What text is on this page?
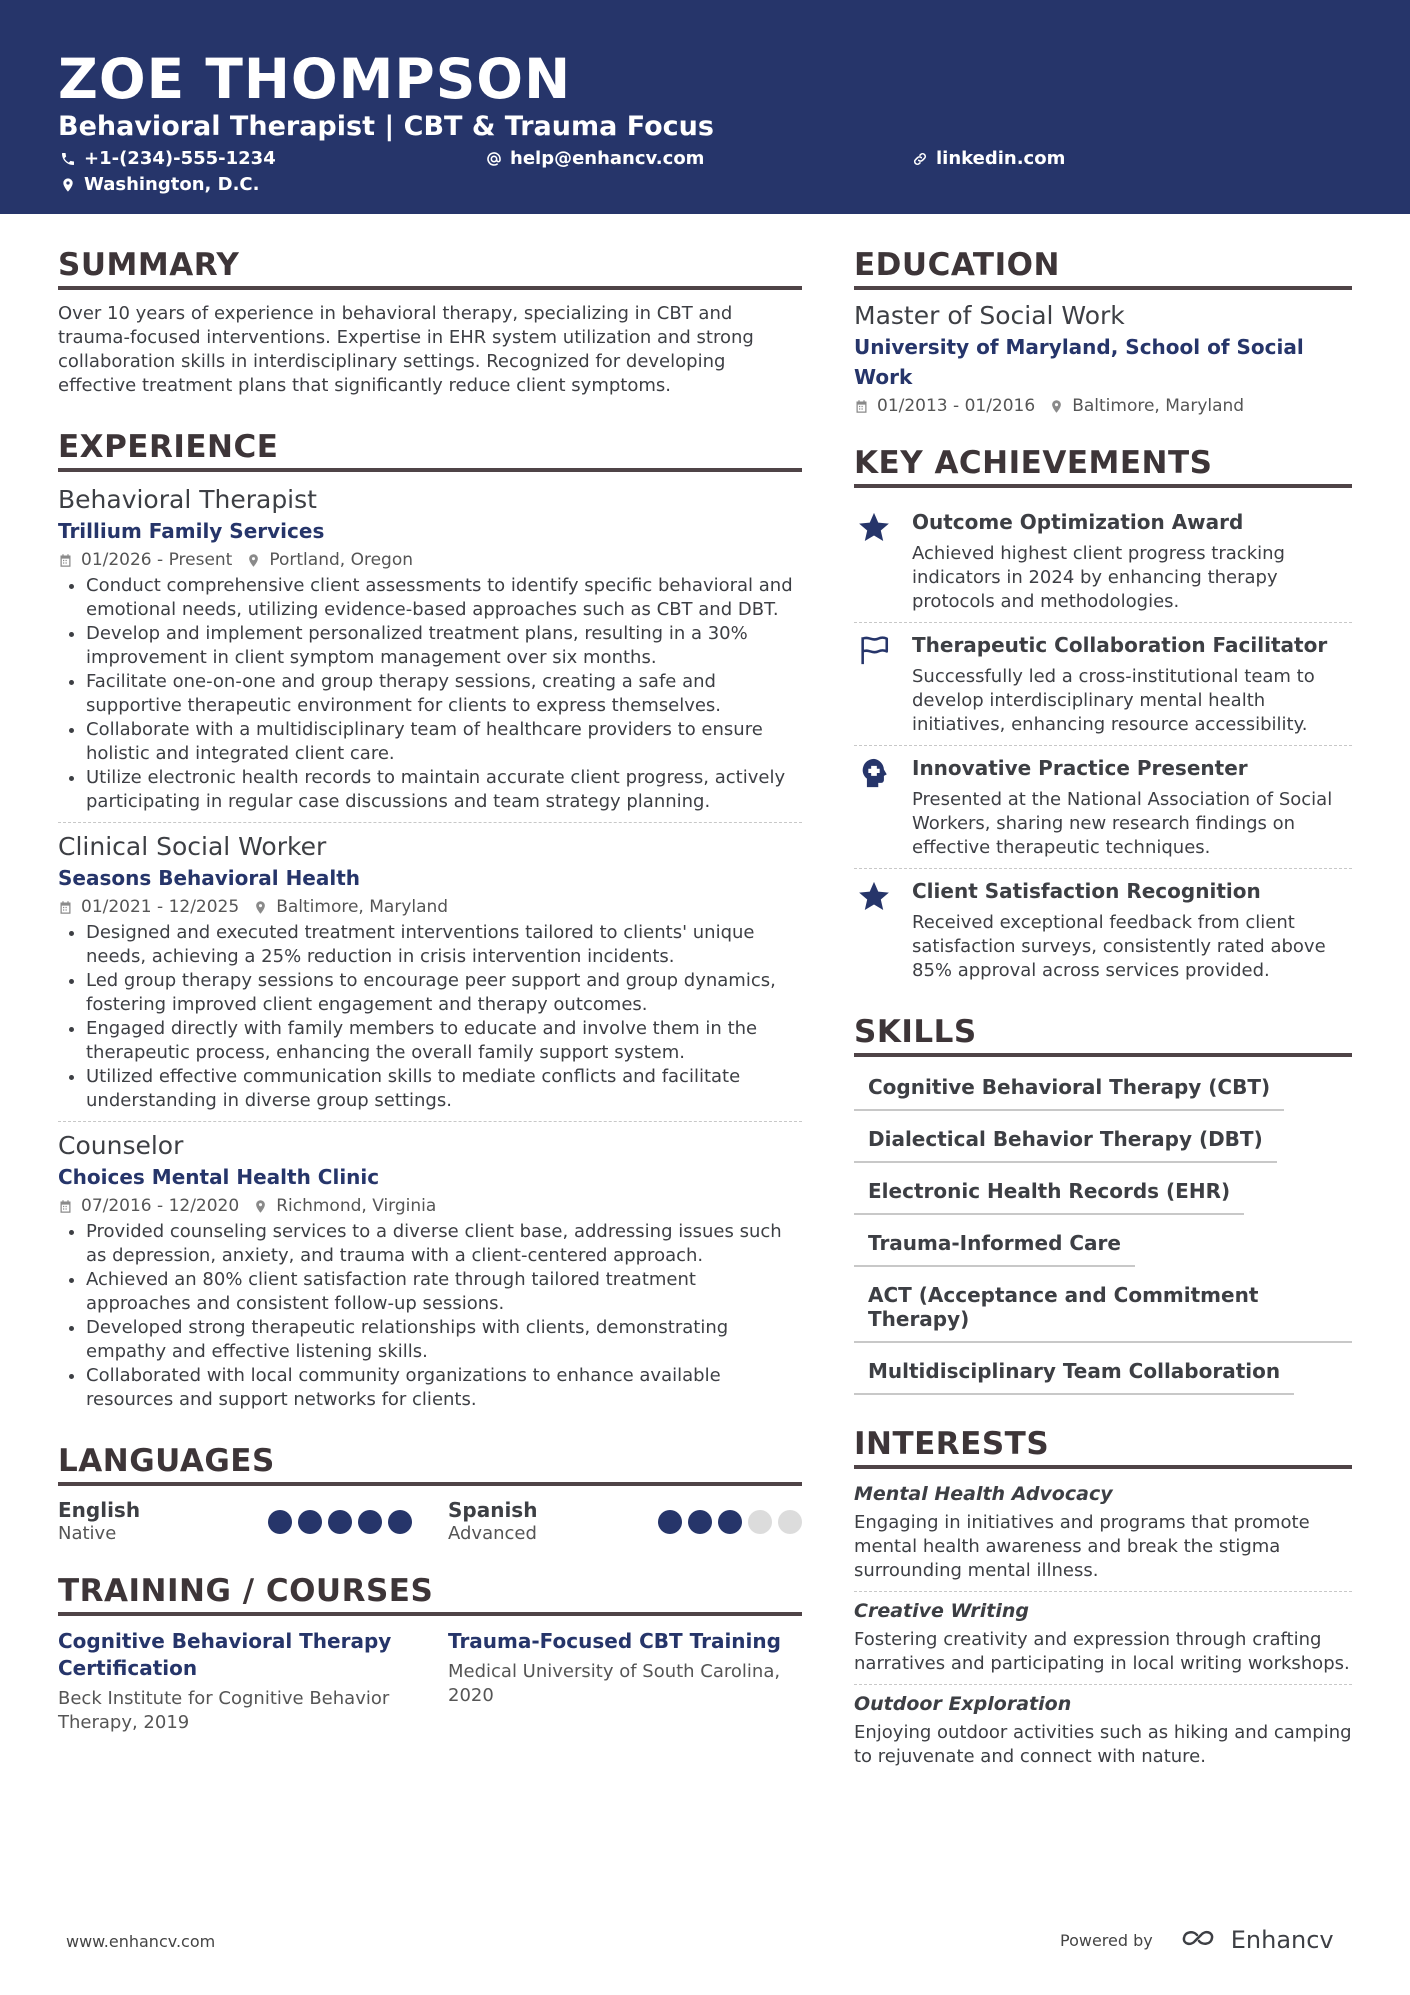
ZOE THOMPSON
Behavioral Therapist | CBT & Trauma Focus
+1-(234)-555-1234	help@enhancv.com	linkedin.com
Washington, D.C.
SUMMARY

Over 10 years of experience in behavioral therapy, specializing in CBT and trauma-focused interventions. Expertise in EHR system utilization and strong collaboration skills in interdisciplinary settings. Recognized for developing effective treatment plans that significantly reduce client symptoms.

EXPERIENCE
Behavioral Therapist
Trillium Family Services
01/2026 - Present Portland, Oregon
• Conduct comprehensive client assessments to identify specific behavioral and emotional needs, utilizing evidence-based approaches such as CBT and DBT.
• Develop and implement personalized treatment plans, resulting in a 30% improvement in client symptom management over six months.
• Facilitate one-on-one and group therapy sessions, creating a safe and supportive therapeutic environment for clients to express themselves.
• Collaborate with a multidisciplinary team of healthcare providers to ensure holistic and integrated client care.
• Utilize electronic health records to maintain accurate client progress, actively participating in regular case discussions and team strategy planning.
Clinical Social Worker
Seasons Behavioral Health
01/2021 - 12/2025 Baltimore, Maryland
• Designed and executed treatment interventions tailored to clients' unique needs, achieving a 25% reduction in crisis intervention incidents.
• Led group therapy sessions to encourage peer support and group dynamics, fostering improved client engagement and therapy outcomes.
• Engaged directly with family members to educate and involve them in the therapeutic process, enhancing the overall family support system.
• Utilized effective communication skills to mediate conflicts and facilitate understanding in diverse group settings.
Counselor
Choices Mental Health Clinic
07/2016 - 12/2020 Richmond, Virginia
• Provided counseling services to a diverse client base, addressing issues such as depression, anxiety, and trauma with a client-centered approach.
• Achieved an 80% client satisfaction rate through tailored treatment approaches and consistent follow-up sessions.
• Developed strong therapeutic relationships with clients, demonstrating empathy and effective listening skills.
• Collaborated with local community organizations to enhance available resources and support networks for clients.
LANGUAGES
English
Native
Spanish
Advanced
TRAINING / COURSES
Cognitive Behavioral Therapy Certification
Beck Institute for Cognitive Behavior Therapy, 2019
Trauma-Focused CBT Training
Medical University of South Carolina, 2020
EDUCATION
Master of Social Work
University of Maryland, School of Social Work
01/2013 - 01/2016 Baltimore, Maryland
KEY ACHIEVEMENTS
Outcome Optimization Award
Achieved highest client progress tracking indicators in 2024 by enhancing therapy protocols and methodologies.
Therapeutic Collaboration Facilitator
Successfully led a cross-institutional team to develop interdisciplinary mental health initiatives, enhancing resource accessibility.
Innovative Practice Presenter
Presented at the National Association of Social Workers, sharing new research findings on effective therapeutic techniques.
Client Satisfaction Recognition
Received exceptional feedback from client satisfaction surveys, consistently rated above 85% approval across services provided.
SKILLS
Cognitive Behavioral Therapy (CBT)
Dialectical Behavior Therapy (DBT)
Electronic Health Records (EHR)
Trauma-Informed Care
ACT (Acceptance and Commitment Therapy)
Multidisciplinary Team Collaboration
INTERESTS
Mental Health Advocacy
Engaging in initiatives and programs that promote mental health awareness and break the stigma surrounding mental illness.
Creative Writing
Fostering creativity and expression through crafting narratives and participating in local writing workshops.
Outdoor Exploration
Enjoying outdoor activities such as hiking and camping to rejuvenate and connect with nature.
www.enhancv.com	Powered by	Enhancv
